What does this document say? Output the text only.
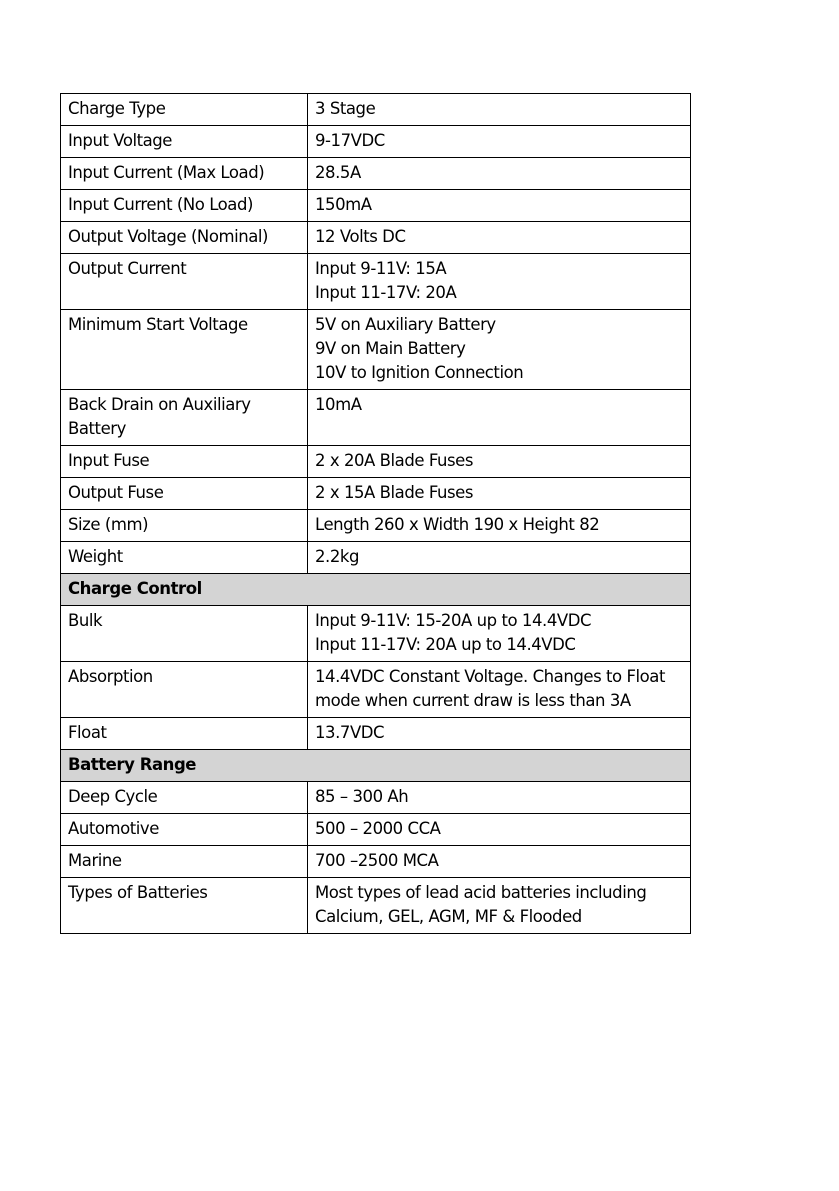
Charge Type	3 Stage

Input Voltage	9-17VDC

Input Current (Max Load)	28.5A

Input Current (No Load)	150mA

Output Voltage (Nominal)	12 Volts DC

Output Current	Input 9-11V: 15A
Input 11-17V: 20A

Minimum Start Voltage	5V on Auxiliary Battery
9V on Main Battery
10V to Ignition Connection

Back Drain on Auxiliary Battery	10mA

Input Fuse	2 x 20A Blade Fuses

Output Fuse	2 x 15A Blade Fuses

Size (mm)	Length 260 x Width 190 x Height 82

Weight	2.2kg

Charge Control	
Bulk	Input 9-11V: 15-20A up to 14.4VDC
Input 11-17V: 20A up to 14.4VDC

Absorption	14.4VDC Constant Voltage. Changes to Float
mode when current draw is less than 3A

Float	13.7VDC

Battery Range	
Deep Cycle	85 – 300 Ah

Automotive	500 – 2000 CCA

Marine	700 –2500 MCA

Types of Batteries	Most types of lead acid batteries including
Calcium, GEL, AGM, MF & Flooded
